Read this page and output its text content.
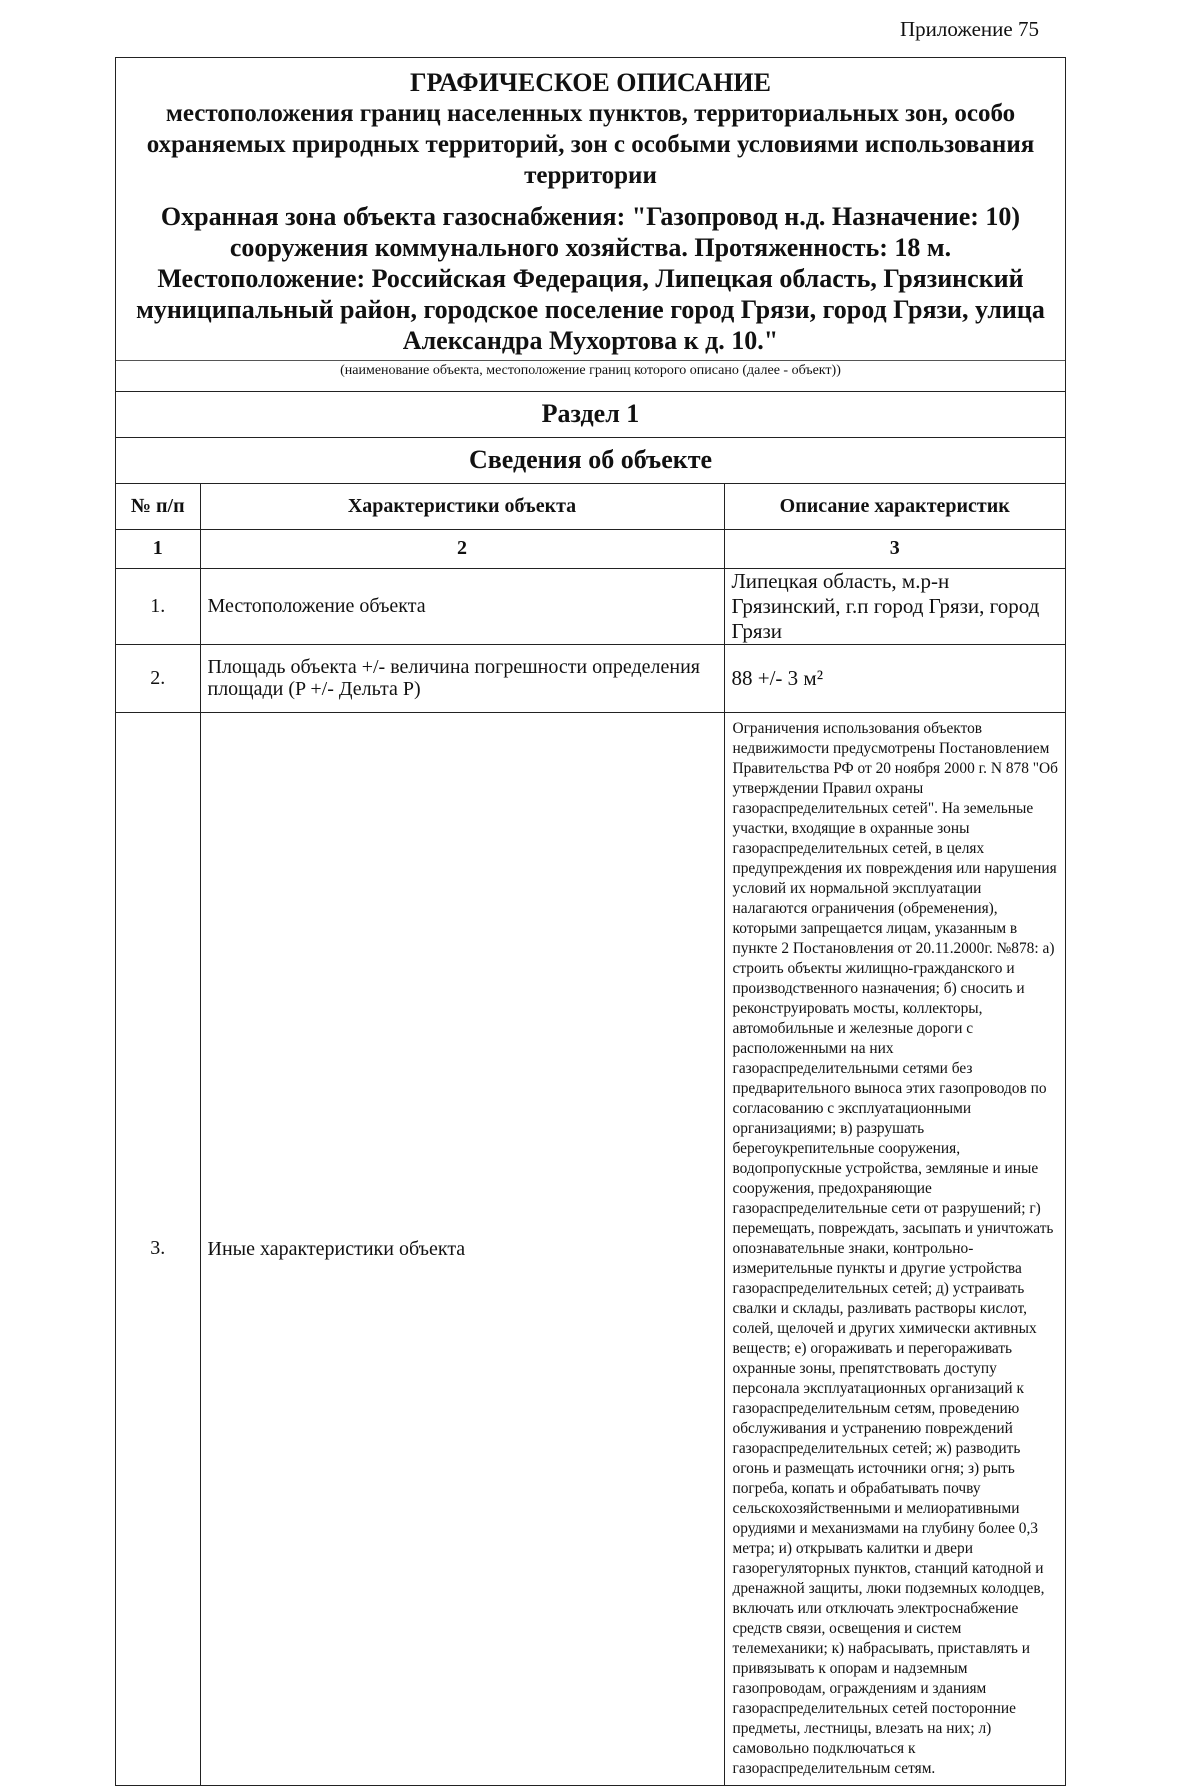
Приложение 75
ГРАФИЧЕСКОЕ ОПИСАНИЕ
местоположения границ населенных пунктов, территориальных зон, особо охраняемых природных территорий, зон с особыми условиями использования территории
Охранная зона объекта газоснабжения: "Газопровод н.д. Назначение: 10) сооружения коммунального хозяйства. Протяженность: 18 м. Местоположение: Российская Федерация, Липецкая область, Грязинский муниципальный район, городское поселение город Грязи, город Грязи, улица Александра Мухортова к д. 10."
(наименование объекта, местоположение границ которого описано (далее - объект))
Раздел 1
Сведения об объекте
№ п/п	Характеристики объекта	Описание характеристик
1	2	3
1.	Местоположение объекта	Липецкая область, м.р-н Грязинский, г.п город Грязи, город Грязи
2.	Площадь объекта +/- величина погрешности определения площади (P +/- Дельта P)	88 +/- 3 м²
3.	Иные характеристики объекта	Ограничения использования объектов недвижимости предусмотрены Постановлением Правительства РФ от 20 ноября 2000 г. N 878 "Об утверждении Правил охраны газораспределительных сетей". На земельные участки, входящие в охранные зоны газораспределительных сетей, в целях предупреждения их повреждения или нарушения условий их нормальной эксплуатации налагаются ограничения (обременения), которыми запрещается лицам, указанным в пункте 2 Постановления от 20.11.2000г. №878: а) строить объекты жилищно-гражданского и производственного назначения; б) сносить и реконструировать мосты, коллекторы, автомобильные и железные дороги с расположенными на них газораспределительными сетями без предварительного выноса этих газопроводов по согласованию с эксплуатационными организациями; в) разрушать берегоукрепительные сооружения, водопропускные устройства, земляные и иные сооружения, предохраняющие газораспределительные сети от разрушений; г) перемещать, повреждать, засыпать и уничтожать опознавательные знаки, контрольно-измерительные пункты и другие устройства газораспределительных сетей; д) устраивать свалки и склады, разливать растворы кислот, солей, щелочей и других химически активных веществ; е) огораживать и перегораживать охранные зоны, препятствовать доступу персонала эксплуатационных организаций к газораспределительным сетям, проведению обслуживания и устранению повреждений газораспределительных сетей; ж) разводить огонь и размещать источники огня; з) рыть погреба, копать и обрабатывать почву сельскохозяйственными и мелиоративными орудиями и механизмами на глубину более 0,3 метра; и) открывать калитки и двери газорегуляторных пунктов, станций катодной и дренажной защиты, люки подземных колодцев, включать или отключать электроснабжение средств связи, освещения и систем телемеханики; к) набрасывать, приставлять и привязывать к опорам и надземным газопроводам, ограждениям и зданиям газораспределительных сетей посторонние предметы, лестницы, влезать на них; л) самовольно подключаться к газораспределительным сетям.
